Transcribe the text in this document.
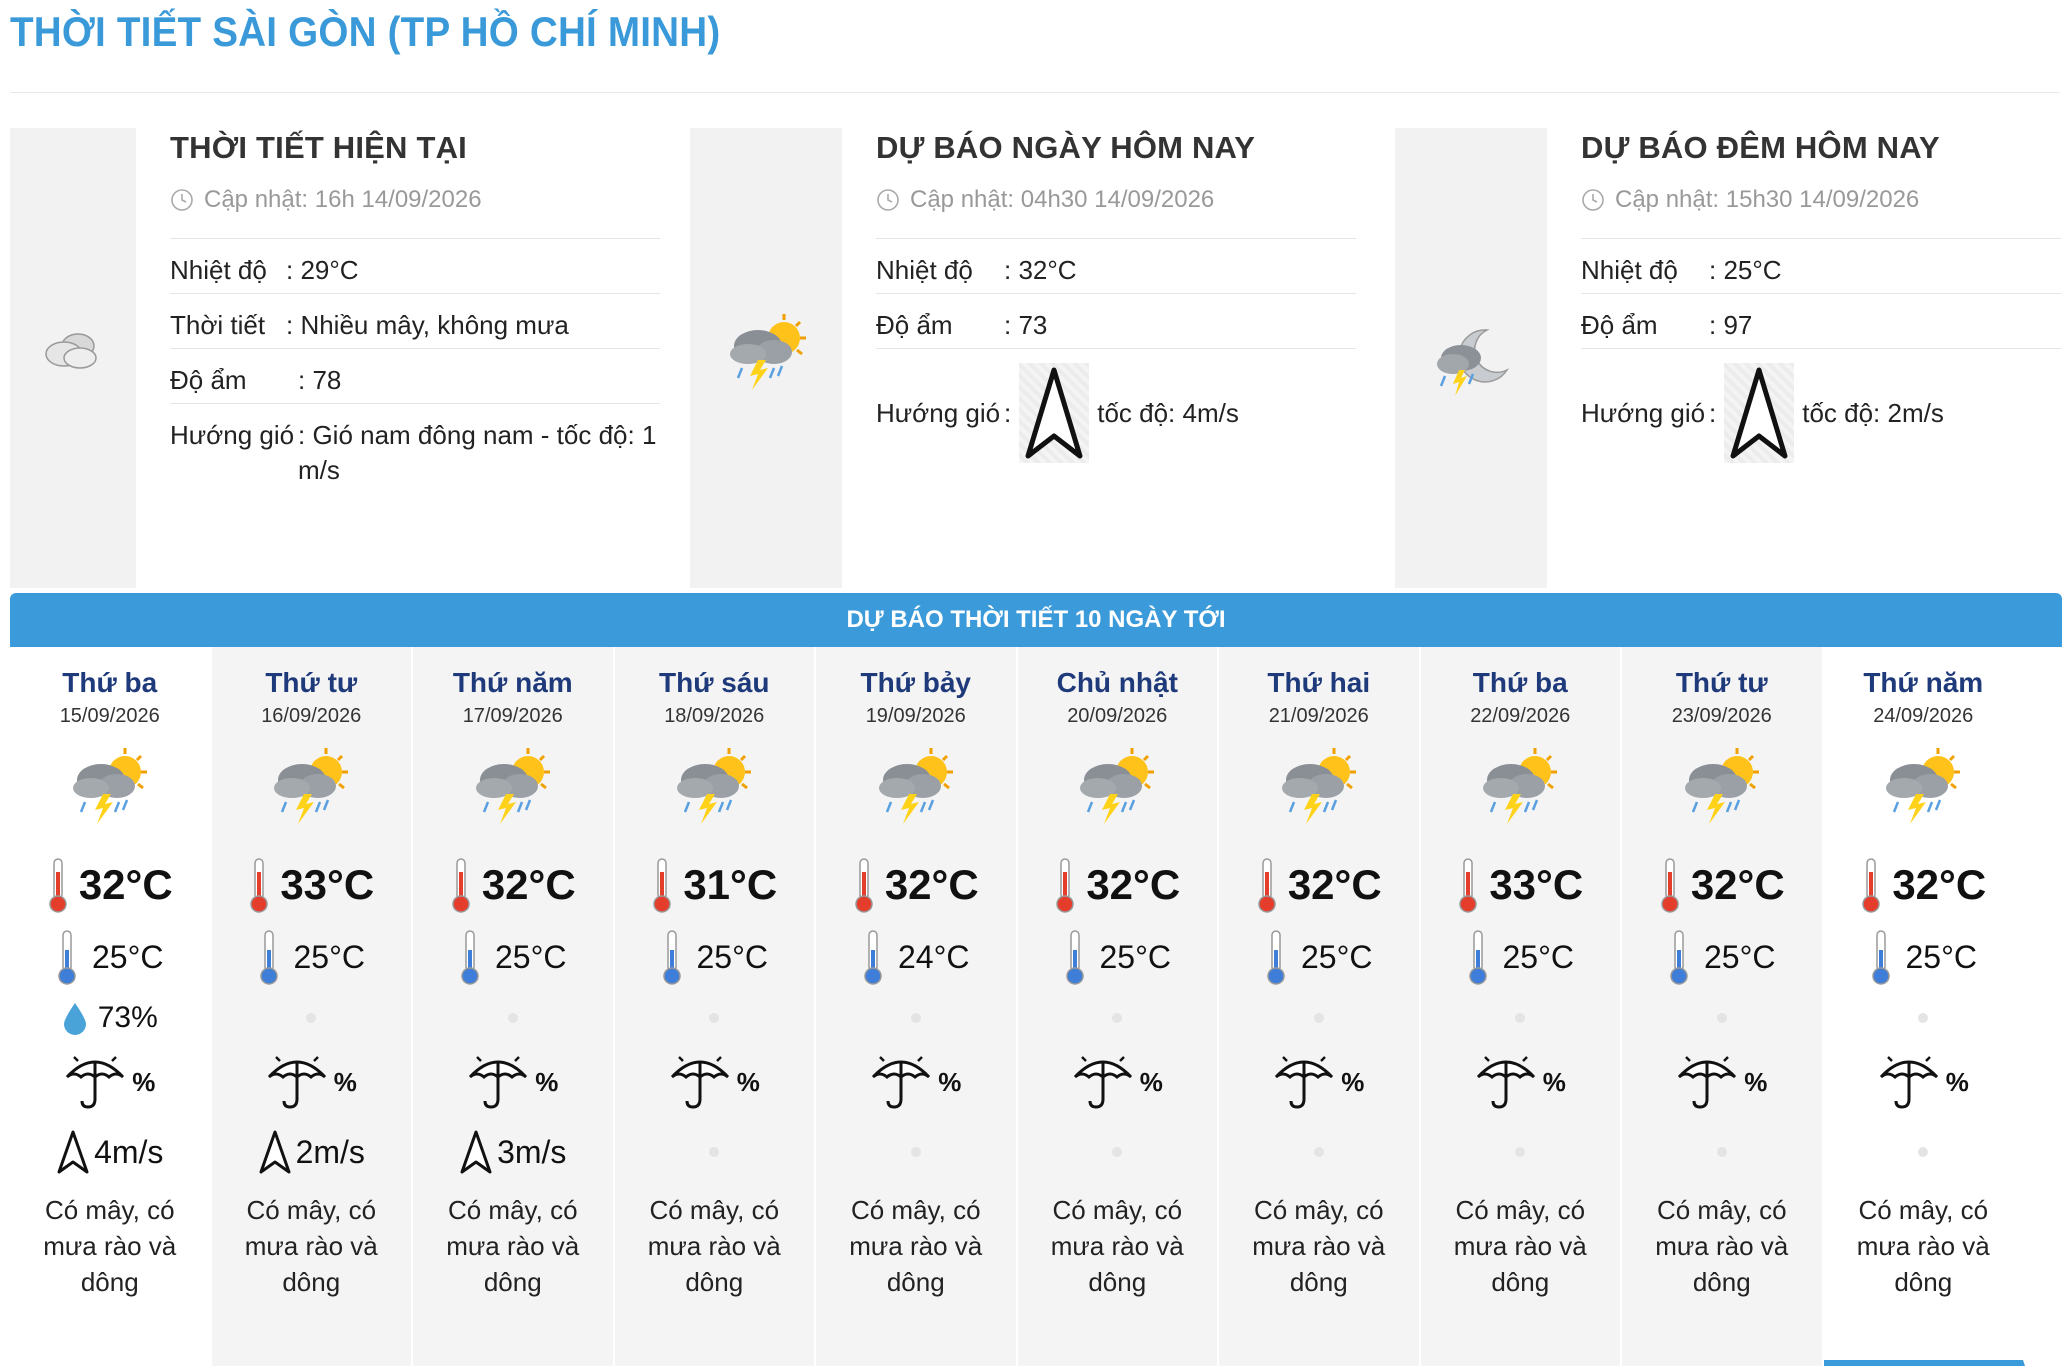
THỜI TIẾT SÀI GÒN (TP HỒ CHÍ MINH)
THỜI TIẾT HIỆN TẠI
Cập nhật: 16h 14/09/2026
Nhiệt độ : 29°C
Thời tiết : Nhiều mây, không mưa
Độ ẩm	: 78
Hướng gió : Gió nam đông nam - tốc độ: 1 m/s
DỰ BÁO NGÀY HÔM NAY
Cập nhật: 04h30 14/09/2026
Nhiệt độ	: 32°C
Độ ẩm	: 73
Hướng gió :	tốc độ: 4m/s
DỰ BÁO ĐÊM HÔM NAY
Cập nhật: 15h30 14/09/2026
Nhiệt độ	: 25°C
Độ ẩm	: 97
Hướng gió :	tốc độ: 2m/s
DỰ BÁO THỜI TIẾT 10 NGÀY TỚI
Thứ ba
15/09/2026
32°C
25°C
73%
%
4m/s
Có mây, có mưa rào và dông
Thứ tư
16/09/2026
33°C
25°C
%
2m/s
Có mây, có mưa rào và dông
Thứ năm
17/09/2026
32°C
25°C
%
3m/s
Có mây, có mưa rào và dông
Thứ sáu
18/09/2026
31°C
25°C
%
Có mây, có mưa rào và dông
Thứ bảy
19/09/2026
32°C
24°C
%
Có mây, có mưa rào và dông
Chủ nhật
20/09/2026
32°C
25°C
%
Có mây, có mưa rào và dông
Thứ hai
21/09/2026
32°C
25°C
%
Có mây, có mưa rào và dông
Thứ ba
22/09/2026
33°C
25°C
%
Có mây, có mưa rào và dông
Thứ tư
23/09/2026
32°C
25°C
%
Có mây, có mưa rào và dông
Thứ năm
24/09/2026
32°C
25°C
%
Có mây, có mưa rào và dông
